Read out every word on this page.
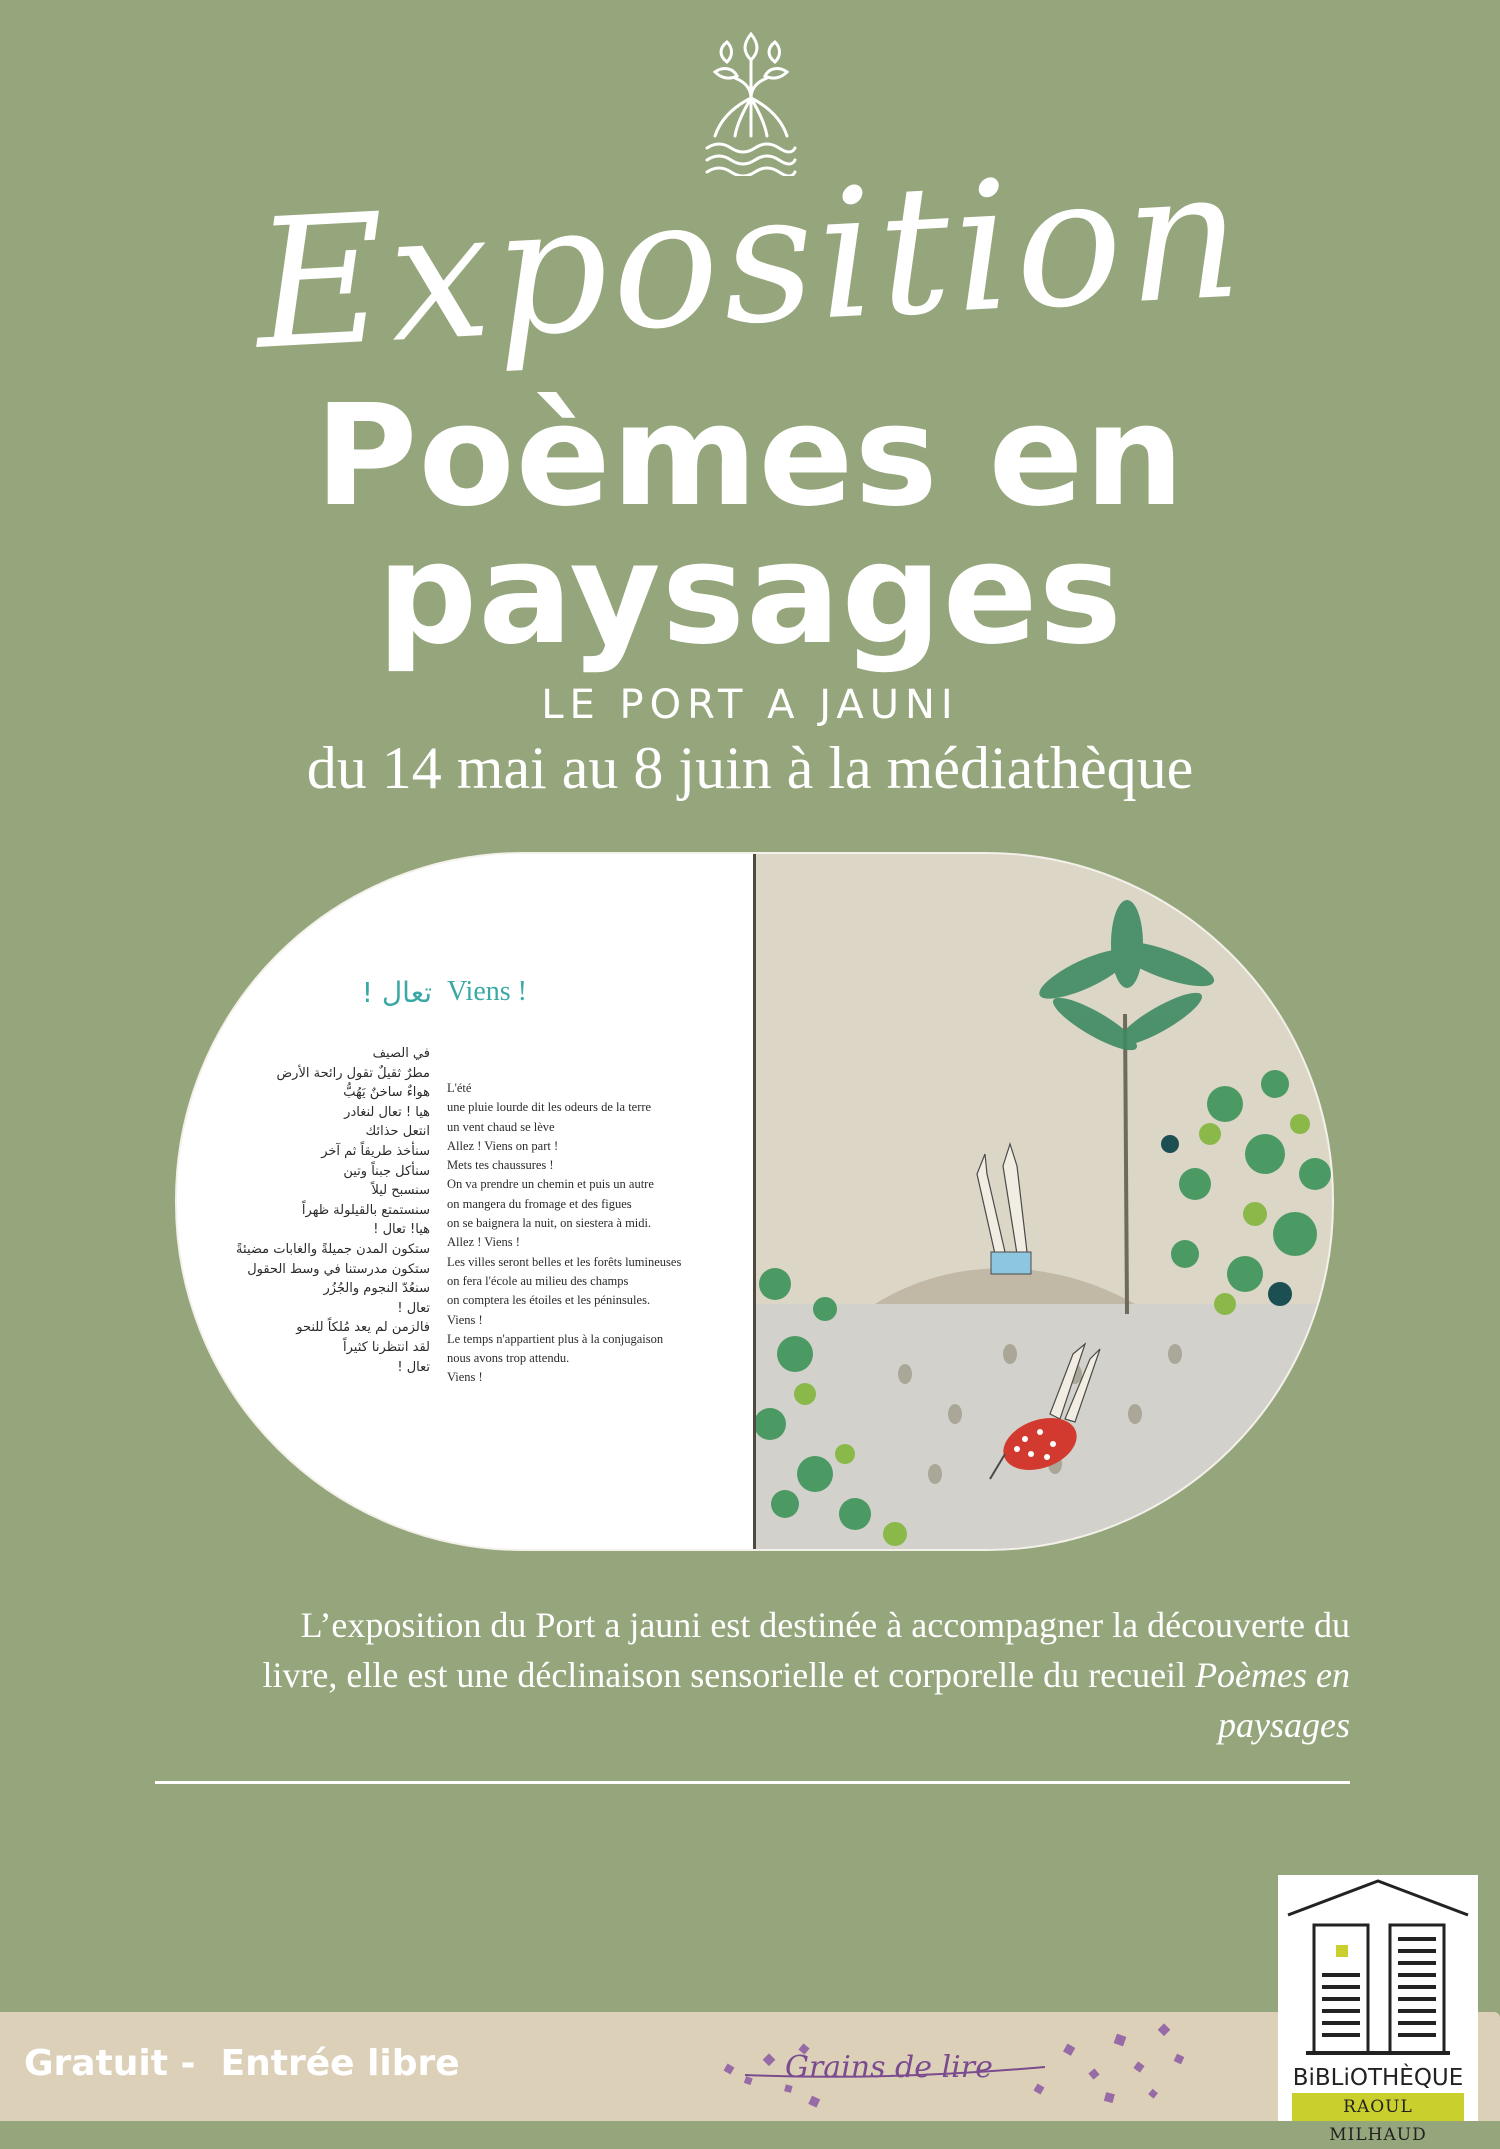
Exposition
Poèmes en
paysages
LE PORT A JAUNI
du 14 mai au 8 juin à la médiathèque
تعال ! Viens !
في الصيف
مطرٌ ثقيلٌ تقول رائحة الأرض
هواءٌ ساخنٌ يَهُبُّ
هيا ! تعال لنغادر
انتعل حذائك
سنأخذ طريقاً ثم آخر
سنأكل جبناً وتين
سنسبح ليلاً
سنستمتع بالقيلولة ظهراً
هيا! تعال !
ستكون المدن جميلةً والغابات مضيئةً
ستكون مدرستنا في وسط الحقول
سنعُدّ النجوم والجُزُر
تعال !
فالزمن لم يعد مُلكاً للنحو
لقد انتظرنا كثيراً
تعال !
L'été
une pluie lourde dit les odeurs de la terre
un vent chaud se lève
Allez ! Viens on part !
Mets tes chaussures !
On va prendre un chemin et puis un autre
on mangera du fromage et des figues
on se baignera la nuit, on siestera à midi.
Allez ! Viens !
Les villes seront belles et les forêts lumineuses
on fera l'école au milieu des champs
on comptera les étoiles et les péninsules.
Viens !
Le temps n'appartient plus à la conjugaison
nous avons trop attendu.
Viens !
L’exposition du Port a jauni est destinée à accompagner la découverte du livre, elle est une déclinaison sensorielle et corporelle du recueil Poèmes en paysages
Gratuit -  Entrée libre	Grains de lire	BiBLiOTHÈQUE
RAOUL MILHAUD
